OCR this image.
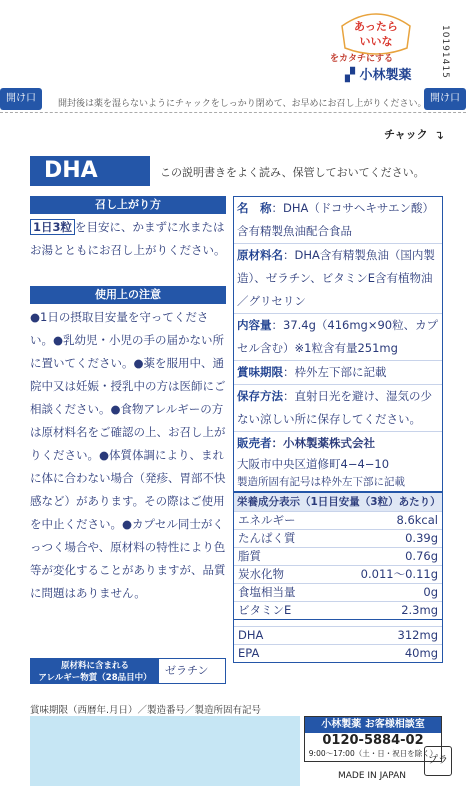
あったら
いいな
をカタチにする
▞ 小林製薬	10191415
開け口	開け口
開封後は薬を湿らないようにチャックをしっかり閉めて、お早めにお召し上がりください。
チャック ↴
DHA	この説明書きをよく読み、保管しておいてください。
召し上がり方
1日3粒 を目安に、かまずに水またはお湯とともにお召し上がりください。
使用上の注意
●1日の摂取目安量を守ってください。●乳幼児・小児の手の届かない所に置いてください。●薬を服用中、通院中又は妊娠・授乳中の方は医師にご相談ください。●食物アレルギーの方は原材料名をご確認の上、お召し上がりください。●体質体調により、まれに体に合わない場合（発疹、胃部不快感など）があります。その際はご使用を中止ください。●カプセル同士がくっつく場合や、原材料の特性により色等が変化することがありますが、品質に問題はありません。
名　称：DHA（ドコサヘキサエン酸）含有精製魚油配合食品
原材料名：DHA含有精製魚油（国内製造）、ゼラチン、ビタミンE含有植物油／グリセリン
内容量：37.4g（416mg×90粒、カプセル含む）※1粒含有量251mg
賞味期限：枠外左下部に記載
保存方法：直射日光を避け、湿気の少ない涼しい所に保存してください。
販売者：小林製薬株式会社
大阪市中央区道修町4−4−10
製造所固有記号は枠外左下部に記載
栄養成分表示（1日目安量（3粒）あたり）
エネルギー	8.6kcal
たんぱく質	0.39g
脂質	0.76g
炭水化物	0.011〜0.11g
食塩相当量	0g
ビタミンE	2.3mg
DHA	312mg
EPA	40mg
原材料に含まれる
アレルギー物質（28品目中）
ゼラチン
賞味期限（西暦年.月日）／製造番号／製造所固有記号
小林製薬 お客様相談室
0120-5884-02
9:00〜17:00（土・日・祝日を除く）
プラ
MADE IN JAPAN
